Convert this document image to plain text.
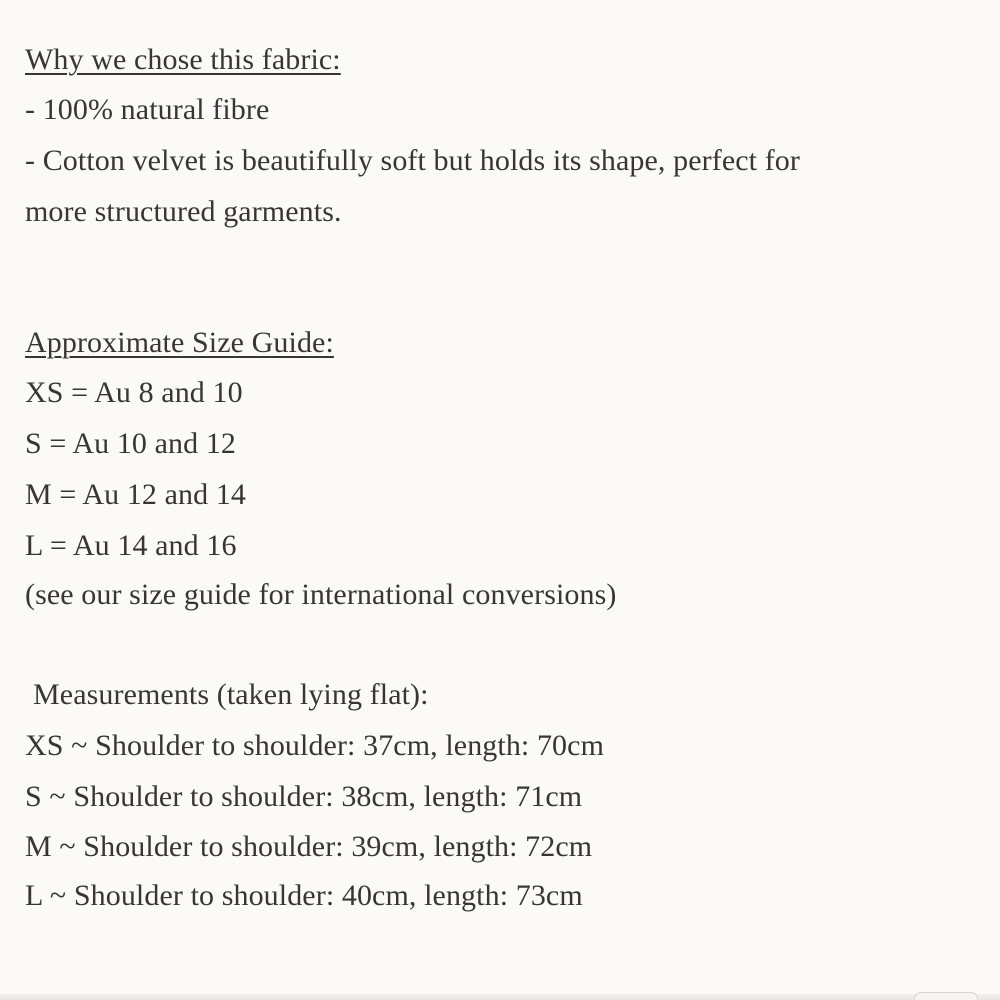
Why we chose this fabric:
- 100% natural fibre
- Cotton velvet is beautifully soft but holds its shape, perfect for
more structured garments.
Approximate Size Guide:
XS = Au 8 and 10
S = Au 10 and 12
M = Au 12 and 14
L = Au 14 and 16
(see our size guide for international conversions)
Measurements (taken lying flat):
XS ~ Shoulder to shoulder: 37cm, length: 70cm
S ~ Shoulder to shoulder: 38cm, length: 71cm
M ~ Shoulder to shoulder: 39cm, length: 72cm
L ~ Shoulder to shoulder: 40cm, length: 73cm
